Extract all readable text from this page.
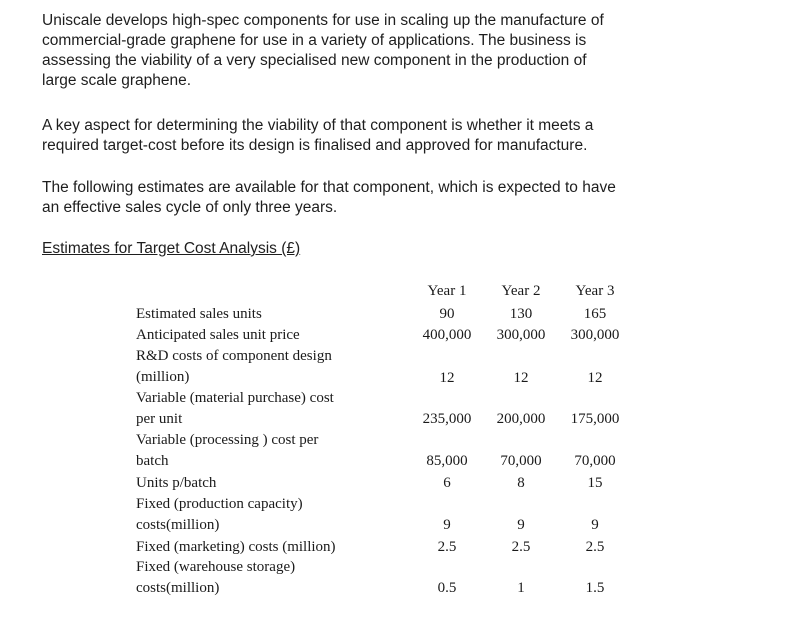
Uniscale develops high-spec components for use in scaling up the manufacture of
commercial-grade graphene for use in a variety of applications. The business is
assessing the viability of a very specialised new component in the production of
large scale graphene.

A key aspect for determining the viability of that component is whether it meets a
required target-cost before its design is finalised and approved for manufacture.

The following estimates are available for that component, which is expected to have
an effective sales cycle of only three years.

Estimates for Target Cost Analysis (£)

Year 1	Year 2	Year 3
Estimated sales units	90	130	165
Anticipated sales unit price	400,000	300,000	300,000
R&D costs of component design
(million)	12	12	12
Variable (material purchase) cost
per unit	235,000	200,000	175,000
Variable (processing ) cost per
batch	85,000	70,000	70,000
Units p/batch	6	8	15
Fixed (production capacity)
costs(million)	9	9	9
Fixed (marketing) costs (million)	2.5	2.5	2.5
Fixed (warehouse storage)
costs(million)	0.5	1	1.5
